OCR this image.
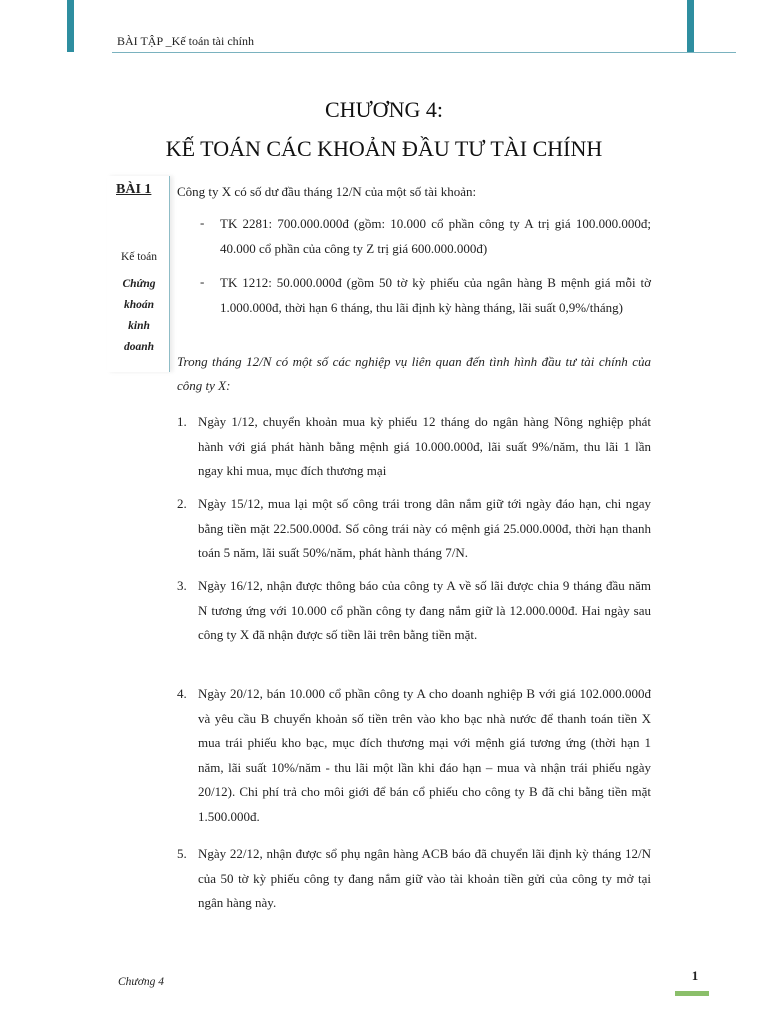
BÀI TẬP _Kế toán tài chính
CHƯƠNG 4:
KẾ TOÁN CÁC KHOẢN ĐẦU TƯ TÀI CHÍNH
BÀI 1
Kế toán
Chứng
khoán
kinh
doanh
Công ty X có số dư đầu tháng 12/N của một số tài khoản:
- TK 2281: 700.000.000đ (gồm: 10.000 cổ phần công ty A trị giá 100.000.000đ; 40.000 cổ phần của công ty Z trị giá 600.000.000đ)
- TK 1212: 50.000.000đ (gồm 50 tờ kỳ phiếu của ngân hàng B mệnh giá mỗi tờ 1.000.000đ, thời hạn 6 tháng, thu lãi định kỳ hàng tháng, lãi suất 0,9%/tháng)
Trong tháng 12/N có một số các nghiệp vụ liên quan đến tình hình đầu tư tài chính của công ty X:
1. Ngày 1/12, chuyển khoản mua kỳ phiếu 12 tháng do ngân hàng Nông nghiệp phát hành với giá phát hành bằng mệnh giá 10.000.000đ, lãi suất 9%/năm, thu lãi 1 lần ngay khi mua, mục đích thương mại
2. Ngày 15/12, mua lại một số công trái trong dân nắm giữ tới ngày đáo hạn, chi ngay bằng tiền mặt 22.500.000đ. Số công trái này có mệnh giá 25.000.000đ, thời hạn thanh toán 5 năm, lãi suất 50%/năm, phát hành tháng 7/N.
3. Ngày 16/12, nhận được thông báo của công ty A về số lãi được chia 9 tháng đầu năm N tương ứng với 10.000 cổ phần công ty đang nắm giữ là 12.000.000đ. Hai ngày sau công ty X đã nhận được số tiền lãi trên bằng tiền mặt.
4. Ngày 20/12, bán 10.000 cổ phần công ty A cho doanh nghiệp B với giá 102.000.000đ và yêu cầu B chuyển khoản số tiền trên vào kho bạc nhà nước để thanh toán tiền X mua trái phiếu kho bạc, mục đích thương mại với mệnh giá tương ứng (thời hạn 1 năm, lãi suất 10%/năm - thu lãi một lần khi đáo hạn – mua và nhận trái phiếu ngày 20/12). Chi phí trả cho môi giới để bán cổ phiếu cho công ty B đã chi bằng tiền mặt 1.500.000đ.
5. Ngày 22/12, nhận được sổ phụ ngân hàng ACB báo đã chuyển lãi định kỳ tháng 12/N của 50 tờ kỳ phiếu công ty đang nắm giữ vào tài khoản tiền gửi của công ty mở tại ngân hàng này.
Chương 4	1
